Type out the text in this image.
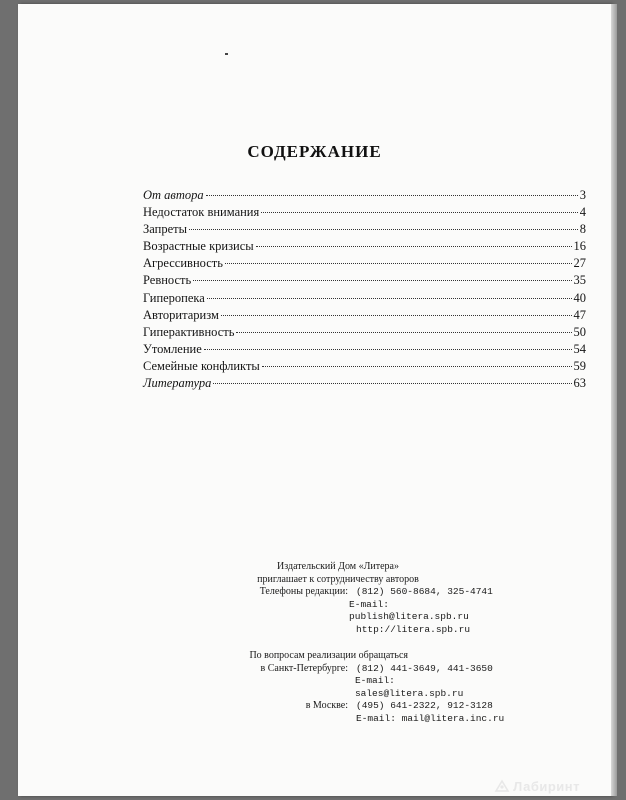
СОДЕРЖАНИЕ
От автора	3
Недостаток внимания	4
Запреты	8
Возрастные кризисы	16
Агрессивность	27
Ревность	35
Гиперопека	40
Авторитаризм	47
Гиперактивность	50
Утомление	54
Семейные конфликты	59
Литература	63
Издательский Дом «Литера»
приглашает к сотрудничеству авторов
Телефоны редакции: (812) 560-8684, 325-4741
E-mail: publish@litera.spb.ru
http://litera.spb.ru
По вопросам реализации обращаться
в Санкт-Петербурге: (812) 441-3649, 441-3650
E-mail: sales@litera.spb.ru
в Москве: (495) 641-2322, 912-3128
E-mail: mail@litera.inc.ru
Лабиринт
